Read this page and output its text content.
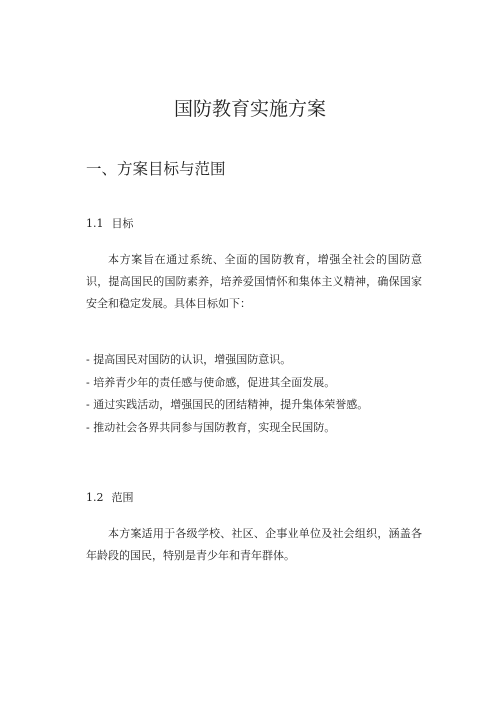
国防教育实施方案
一、方案目标与范围
1.1 目标

本方案旨在通过系统、全面的国防教育，增强全社会的国防意识，提高国民的国防素养，培养爱国情怀和集体主义精神，确保国家安全和稳定发展。具体目标如下：

- 提高国民对国防的认识，增强国防意识。
- 培养青少年的责任感与使命感，促进其全面发展。
- 通过实践活动，增强国民的团结精神，提升集体荣誉感。
- 推动社会各界共同参与国防教育，实现全民国防。
1.2 范围

本方案适用于各级学校、社区、企事业单位及社会组织，涵盖各年龄段的国民，特别是青少年和青年群体。
